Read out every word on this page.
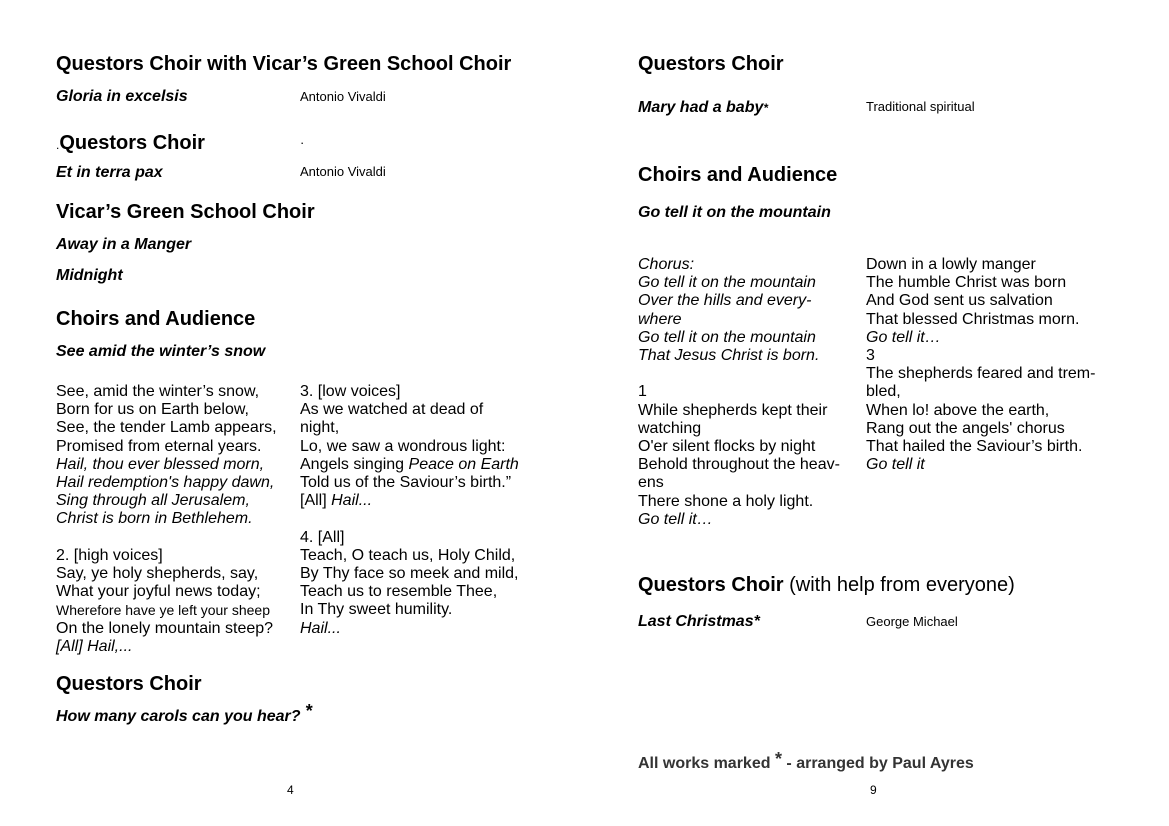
Questors Choir with Vicar’s Green School Choir
Gloria in excelsis	Antonio Vivaldi
.Questors Choir	·
Et in terra pax	Antonio Vivaldi
Vicar’s Green School Choir
Away in a Manger
Midnight
Choirs and Audience
See amid the winter’s snow
See, amid the winter’s snow,
Born for us on Earth below,
See, the tender Lamb appears,
Promised from eternal years.
Hail, thou ever blessed morn,
Hail redemption's happy dawn,
Sing through all Jerusalem,
Christ is born in Bethlehem.

2. [high voices]
Say, ye holy shepherds, say,
What your joyful news today;
Wherefore have ye left your sheep
On the lonely mountain steep?
[All] Hail,...
3. [low voices]
As we watched at dead of
night,
Lo, we saw a wondrous light:
Angels singing Peace on Earth
Told us of the Saviour’s birth.”
[All] Hail...

4. [All]
Teach, O teach us, Holy Child,
By Thy face so meek and mild,
Teach us to resemble Thee,
In Thy sweet humility.
Hail...
Questors Choir
How many carols can you hear? *
4
Questors Choir
Mary had a baby*	Traditional spiritual
Choirs and Audience
Go tell it on the mountain
Chorus:
Go tell it on the mountain
Over the hills and every-
where
Go tell it on the mountain
That Jesus Christ is born.

1
While shepherds kept their
watching
O'er silent flocks by night
Behold throughout the heav-
ens
There shone a holy light.
Go tell it…
Down in a lowly manger
The humble Christ was born
And God sent us salvation
That blessed Christmas morn.
Go tell it…
3
The shepherds feared and trem-
bled,
When lo! above the earth,
Rang out the angels' chorus
That hailed the Saviour’s birth.
Go tell it
Questors Choir (with help from everyone)
Last Christmas*	George Michael
All works marked * - arranged by Paul Ayres
9
